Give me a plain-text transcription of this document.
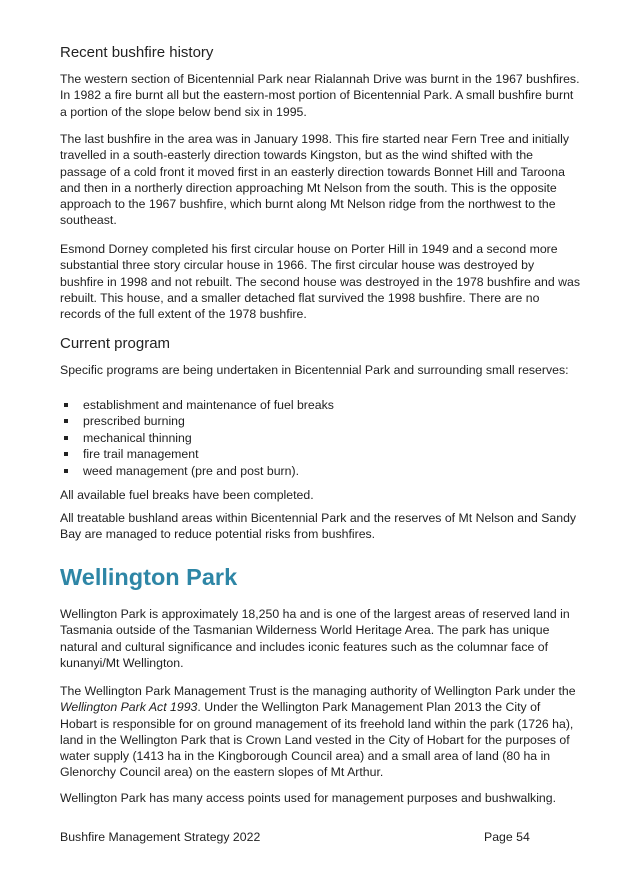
Recent bushfire history

The western section of Bicentennial Park near Rialannah Drive was burnt in the 1967 bushfires. In 1982 a fire burnt all but the eastern-most portion of Bicentennial Park. A small bushfire burnt a portion of the slope below bend six in 1995.

The last bushfire in the area was in January 1998. This fire started near Fern Tree and initially travelled in a south-easterly direction towards Kingston, but as the wind shifted with the passage of a cold front it moved first in an easterly direction towards Bonnet Hill and Taroona and then in a northerly direction approaching Mt Nelson from the south. This is the opposite approach to the 1967 bushfire, which burnt along Mt Nelson ridge from the northwest to the southeast.

Esmond Dorney completed his first circular house on Porter Hill in 1949 and a second more substantial three story circular house in 1966. The first circular house was destroyed by bushfire in 1998 and not rebuilt. The second house was destroyed in the 1978 bushfire and was rebuilt. This house, and a smaller detached flat survived the 1998 bushfire. There are no records of the full extent of the 1978 bushfire.

Current program

Specific programs are being undertaken in Bicentennial Park and surrounding small reserves:

establishment and maintenance of fuel breaks
prescribed burning
mechanical thinning
fire trail management
weed management (pre and post burn).

All available fuel breaks have been completed.

All treatable bushland areas within Bicentennial Park and the reserves of Mt Nelson and Sandy Bay are managed to reduce potential risks from bushfires.

Wellington Park

Wellington Park is approximately 18,250 ha and is one of the largest areas of reserved land in Tasmania outside of the Tasmanian Wilderness World Heritage Area. The park has unique natural and cultural significance and includes iconic features such as the columnar face of kunanyi/Mt Wellington.

The Wellington Park Management Trust is the managing authority of Wellington Park under the Wellington Park Act 1993. Under the Wellington Park Management Plan 2013 the City of Hobart is responsible for on ground management of its freehold land within the park (1726 ha), land in the Wellington Park that is Crown Land vested in the City of Hobart for the purposes of water supply (1413 ha in the Kingborough Council area) and a small area of land (80 ha in Glenorchy Council area) on the eastern slopes of Mt Arthur.

Wellington Park has many access points used for management purposes and bushwalking.

Bushfire Management Strategy 2022	Page 54
